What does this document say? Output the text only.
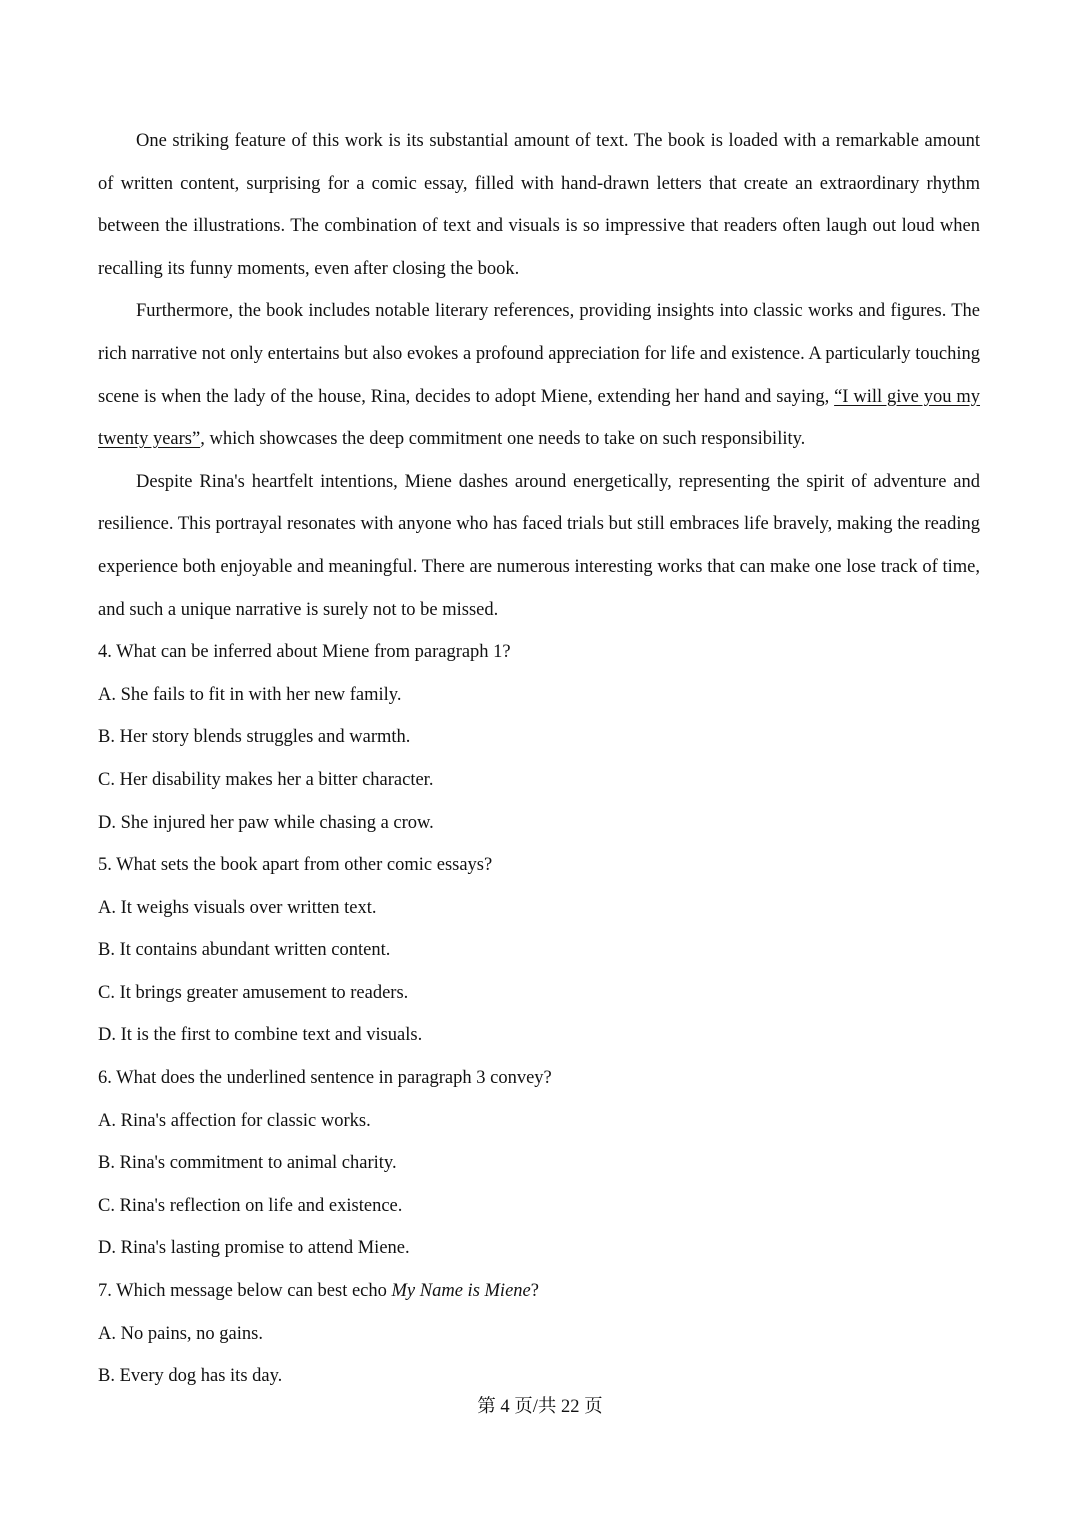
One striking feature of this work is its substantial amount of text. The book is loaded with a remarkable amount of written content, surprising for a comic essay, filled with hand-drawn letters that create an extraordinary rhythm between the illustrations. The combination of text and visuals is so impressive that readers often laugh out loud when recalling its funny moments, even after closing the book.

Furthermore, the book includes notable literary references, providing insights into classic works and figures. The rich narrative not only entertains but also evokes a profound appreciation for life and existence. A particularly touching scene is when the lady of the house, Rina, decides to adopt Miene, extending her hand and saying, “I will give you my twenty years”, which showcases the deep commitment one needs to take on such responsibility.

Despite Rina's heartfelt intentions, Miene dashes around energetically, representing the spirit of adventure and resilience. This portrayal resonates with anyone who has faced trials but still embraces life bravely, making the reading experience both enjoyable and meaningful. There are numerous interesting works that can make one lose track of time, and such a unique narrative is surely not to be missed.

4. What can be inferred about Miene from paragraph 1?

A. She fails to fit in with her new family.

B. Her story blends struggles and warmth.

C. Her disability makes her a bitter character.

D. She injured her paw while chasing a crow.

5. What sets the book apart from other comic essays?

A. It weighs visuals over written text.

B. It contains abundant written content.

C. It brings greater amusement to readers.

D. It is the first to combine text and visuals.

6. What does the underlined sentence in paragraph 3 convey?

A. Rina's affection for classic works.

B. Rina's commitment to animal charity.

C. Rina's reflection on life and existence.

D. Rina's lasting promise to attend Miene.

7. Which message below can best echo My Name is Miene?

A. No pains, no gains.

B. Every dog has its day.

第 4 页/共 22 页
